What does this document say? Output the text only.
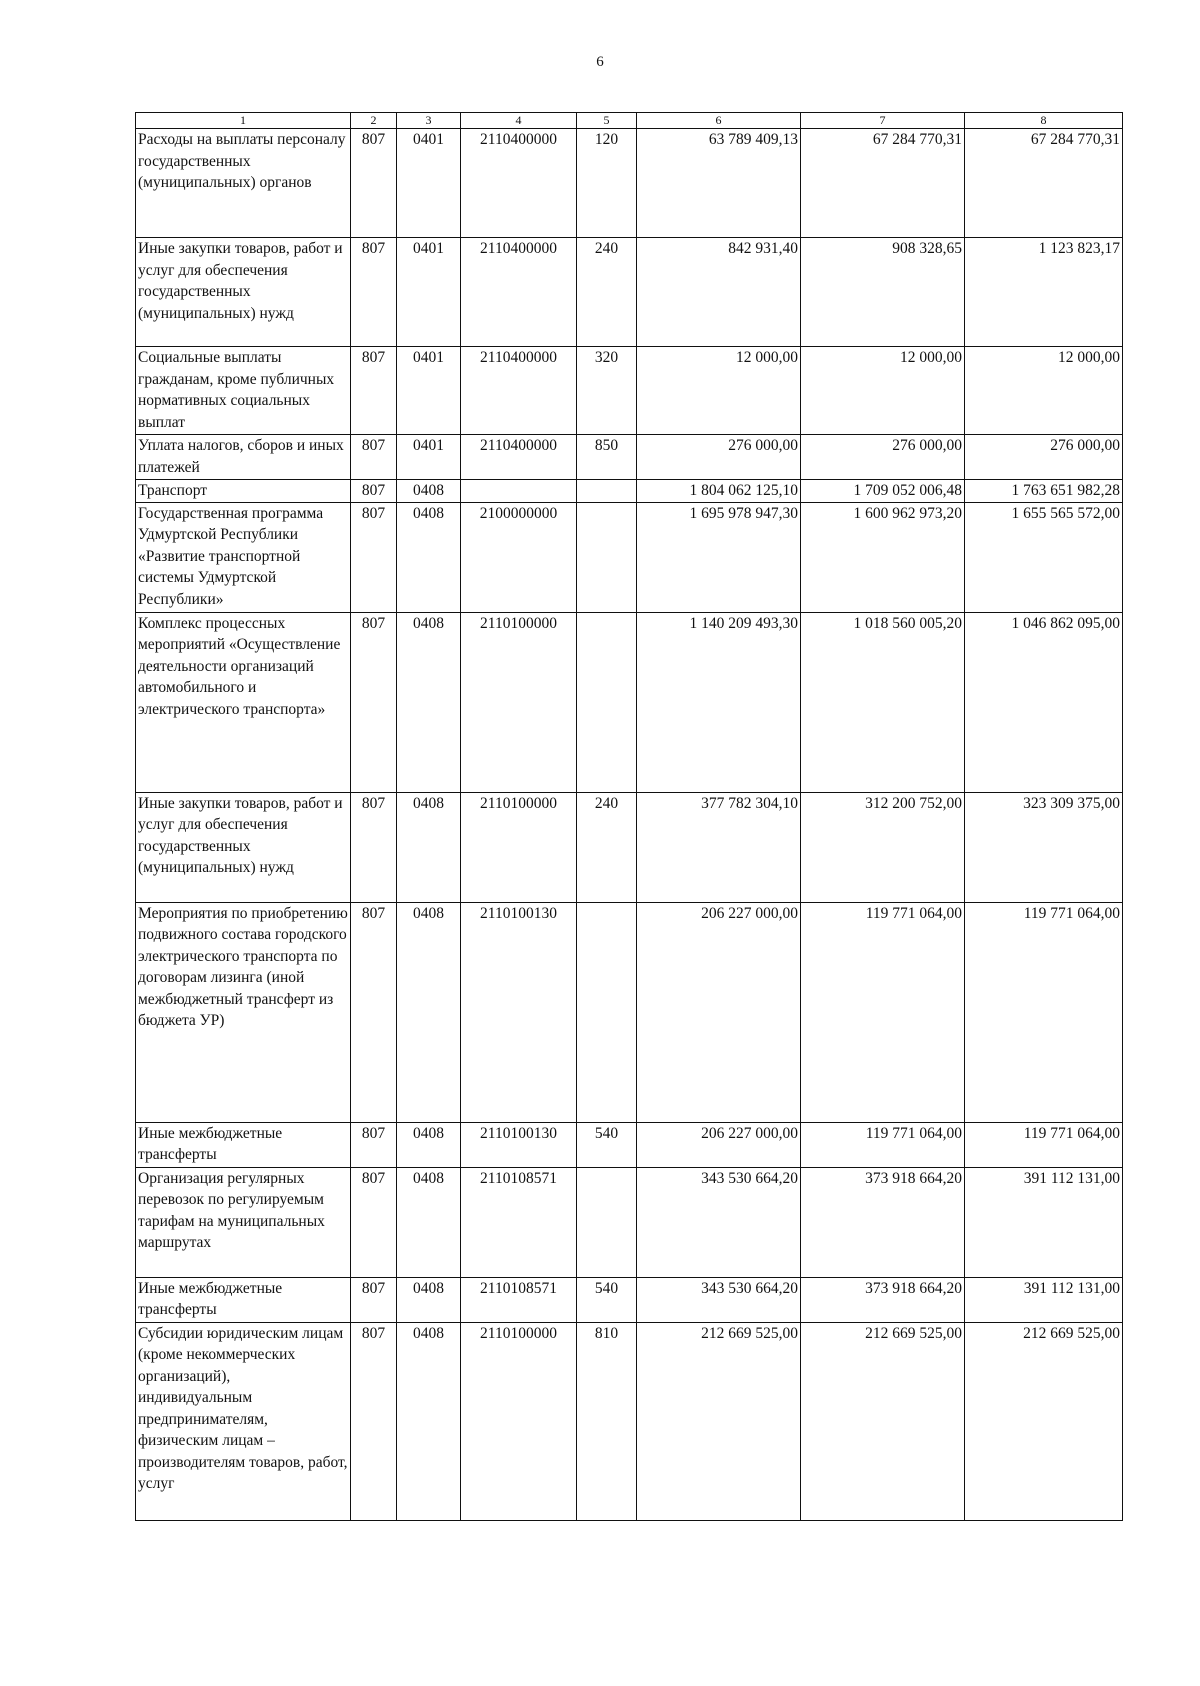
6
1	2	3	4	5	6	7	8
Расходы на выплаты персоналу государственных (муниципальных) органов	807	0401	2110400000	120	63 789 409,13	67 284 770,31	67 284 770,31
Иные закупки товаров, работ и услуг для обеспечения государственных (муниципальных) нужд	807	0401	2110400000	240	842 931,40	908 328,65	1 123 823,17
Социальные выплаты гражданам, кроме публичных нормативных социальных выплат	807	0401	2110400000	320	12 000,00	12 000,00	12 000,00
Уплата налогов, сборов и иных платежей	807	0401	2110400000	850	276 000,00	276 000,00	276 000,00
Транспорт	807	0408			1 804 062 125,10	1 709 052 006,48	1 763 651 982,28
Государственная программа Удмуртской Республики «Развитие транспортной системы Удмуртской Республики»	807	0408	2100000000		1 695 978 947,30	1 600 962 973,20	1 655 565 572,00
Комплекс процессных мероприятий «Осуществление деятельности организаций автомобильного и электрического транспорта»	807	0408	2110100000		1 140 209 493,30	1 018 560 005,20	1 046 862 095,00
Иные закупки товаров, работ и услуг для обеспечения государственных (муниципальных) нужд	807	0408	2110100000	240	377 782 304,10	312 200 752,00	323 309 375,00
Мероприятия по приобретению подвижного состава городского электрического транспорта по договорам лизинга (иной межбюджетный трансферт из бюджета УР)	807	0408	2110100130		206 227 000,00	119 771 064,00	119 771 064,00
Иные межбюджетные трансферты	807	0408	2110100130	540	206 227 000,00	119 771 064,00	119 771 064,00
Организация регулярных перевозок по регулируемым тарифам на муниципальных маршрутах	807	0408	2110108571		343 530 664,20	373 918 664,20	391 112 131,00
Иные межбюджетные трансферты	807	0408	2110108571	540	343 530 664,20	373 918 664,20	391 112 131,00
Субсидии юридическим лицам (кроме некоммерческих организаций), индивидуальным предпринимателям, физическим лицам – производителям товаров, работ, услуг	807	0408	2110100000	810	212 669 525,00	212 669 525,00	212 669 525,00
